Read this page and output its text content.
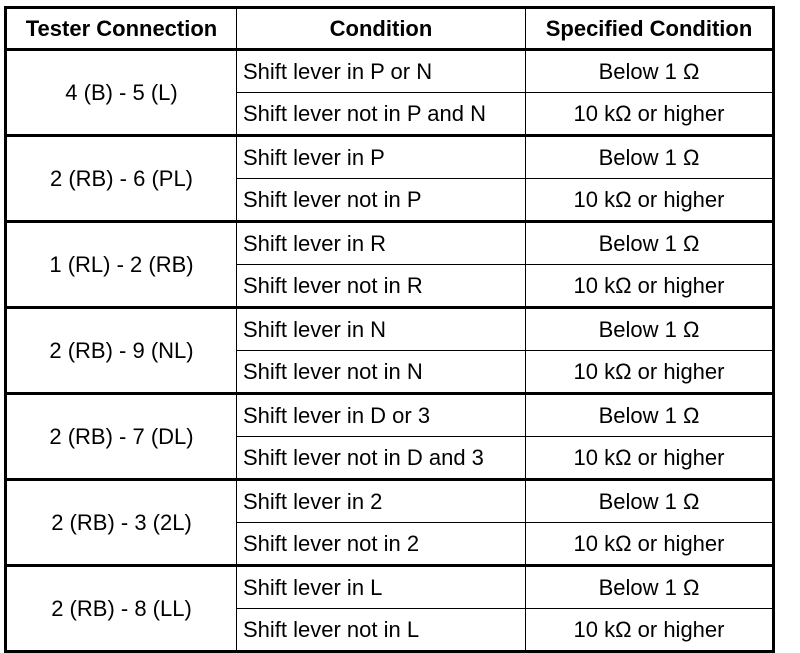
Tester Connection	Condition	Specified Condition
4 (B) - 5 (L)	Shift lever in P or N	Below 1 Ω
	Shift lever not in P and N	10 kΩ or higher
2 (RB) - 6 (PL)	Shift lever in P	Below 1 Ω
	Shift lever not in P	10 kΩ or higher
1 (RL) - 2 (RB)	Shift lever in R	Below 1 Ω
	Shift lever not in R	10 kΩ or higher
2 (RB) - 9 (NL)	Shift lever in N	Below 1 Ω
	Shift lever not in N	10 kΩ or higher
2 (RB) - 7 (DL)	Shift lever in D or 3	Below 1 Ω
	Shift lever not in D and 3	10 kΩ or higher
2 (RB) - 3 (2L)	Shift lever in 2	Below 1 Ω
	Shift lever not in 2	10 kΩ or higher
2 (RB) - 8 (LL)	Shift lever in L	Below 1 Ω
	Shift lever not in L	10 kΩ or higher
